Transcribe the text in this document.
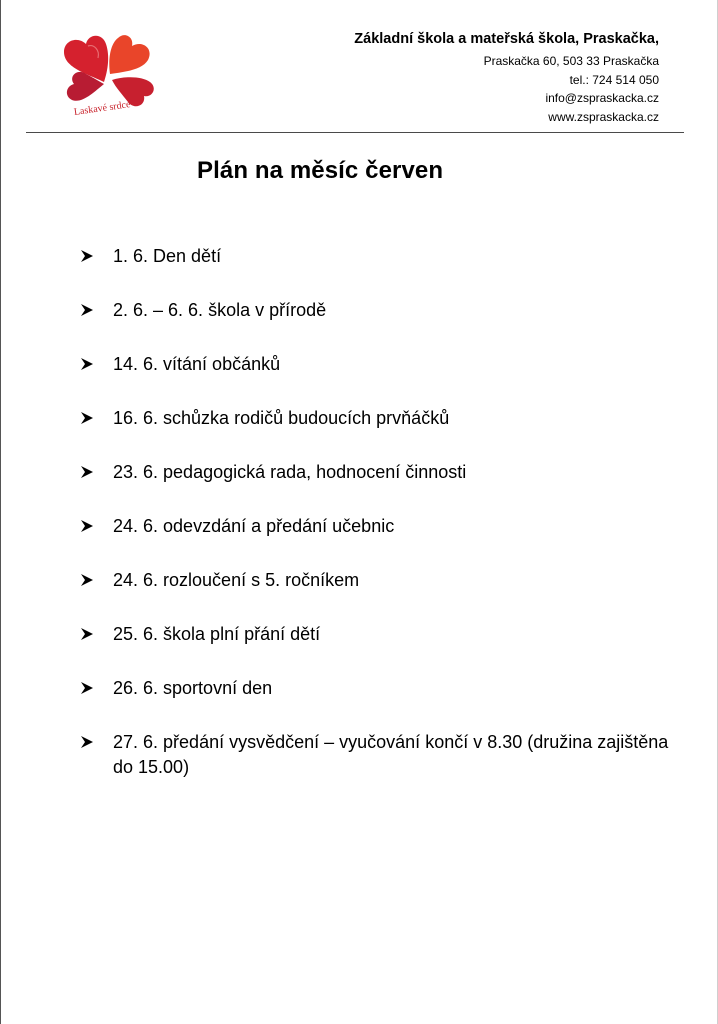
Laskavé srdce
Základní škola a mateřská škola, Praskačka,
Praskačka 60, 503 33 Praskačka
tel.: 724 514 050
info@zspraskacka.cz
www.zspraskacka.cz
Plán na měsíc červen
1. 6. Den dětí
2. 6. – 6. 6. škola v přírodě
14. 6. vítání občánků
16. 6. schůzka rodičů budoucích prvňáčků
23. 6. pedagogická rada, hodnocení činnosti
24. 6. odevzdání a předání učebnic
24. 6. rozloučení s 5. ročníkem
25. 6. škola plní přání dětí
26. 6. sportovní den
27. 6. předání vysvědčení – vyučování končí v 8.30 (družina zajištěna do 15.00)
